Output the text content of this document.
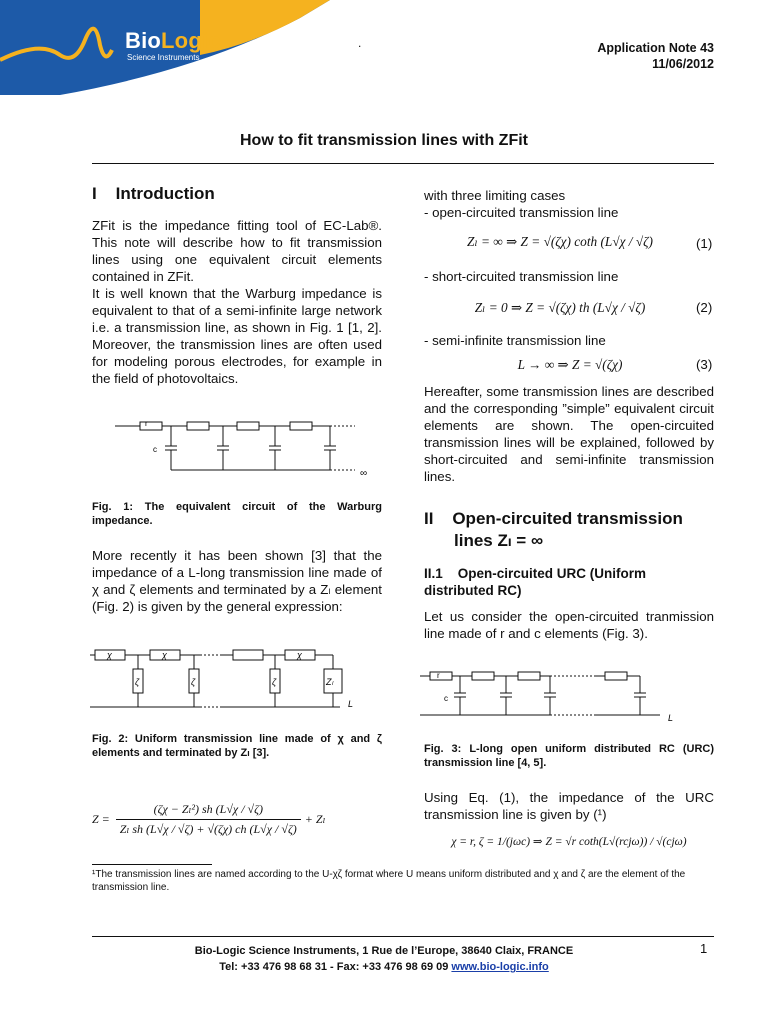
BioLogic
Science Instruments
.	Application Note 43
11/06/2012
How to fit transmission lines with ZFit
I    Introduction

ZFit is the impedance fitting tool of EC-Lab®. This note will describe how to fit transmission lines using one equivalent circuit elements contained in ZFit.

It is well known that the Warburg impedance is equivalent to that of a semi-infinite large network i.e. a transmission line, as shown in Fig. 1 [1, 2]. Moreover, the transmission lines are often used for modeling porous electrodes, for example in the field of photovoltaics.

r
c
∞
Fig. 1: The equivalent circuit of the Warburg impedance.
More recently it has been shown [3] that the impedance of a L-long transmission line made of χ and ζ elements and terminated by a Zₗ element (Fig. 2) is given by the general expression:
χ	χ	χ
ζ	ζ	ζ	Zₗ
L
Fig. 2: Uniform transmission line made of χ and ζ elements and terminated by Zₗ [3].
$Z = \frac{\text{(ζχ − Zₗ²) sh (L√χ / √ζ)}}{\text{Zₗ sh (L√χ / √ζ) + √(ζχ) ch (L√χ / √ζ)}} + Z_l$
with three limiting cases
- open-circuited transmission line
Zₗ = ∞ ⇒ Z = √(ζχ) coth (L√χ / √ζ)	(1)
- short-circuited transmission line
Zₗ = 0 ⇒ Z = √(ζχ) th (L√χ / √ζ)	(2)
- semi-infinite transmission line
L → ∞ ⇒ Z = √(ζχ)	(3)
Hereafter, some transmission lines are described and the corresponding ”simple” equivalent circuit elements are shown. The open-circuited transmission lines will be explained, followed by short-circuited and semi-infinite transmission lines.
II    Open-circuited transmission
lines Zₗ = ∞
II.1    Open-circuited URC (Uniform distributed RC)
Let us consider the open-circuited tranmission line made of r and c elements (Fig. 3).
r
c
L
Fig. 3: L-long open uniform distributed RC (URC) transmission line [4, 5].
Using Eq. (1), the impedance of the URC transmission line is given by (¹)
χ = r, ζ = 1/(jωc) ⇒ Z = √r coth(L√(rcjω)) / √(cjω)
¹The transmission lines are named according to the U-χζ format where U means uniform distributed and χ and ζ are the element of the transmission line.
Bio-Logic Science Instruments, 1 Rue de l’Europe, 38640 Claix, FRANCE
Tel: +33 476 98 68 31 - Fax: +33 476 98 69 09 www.bio-logic.info
1
